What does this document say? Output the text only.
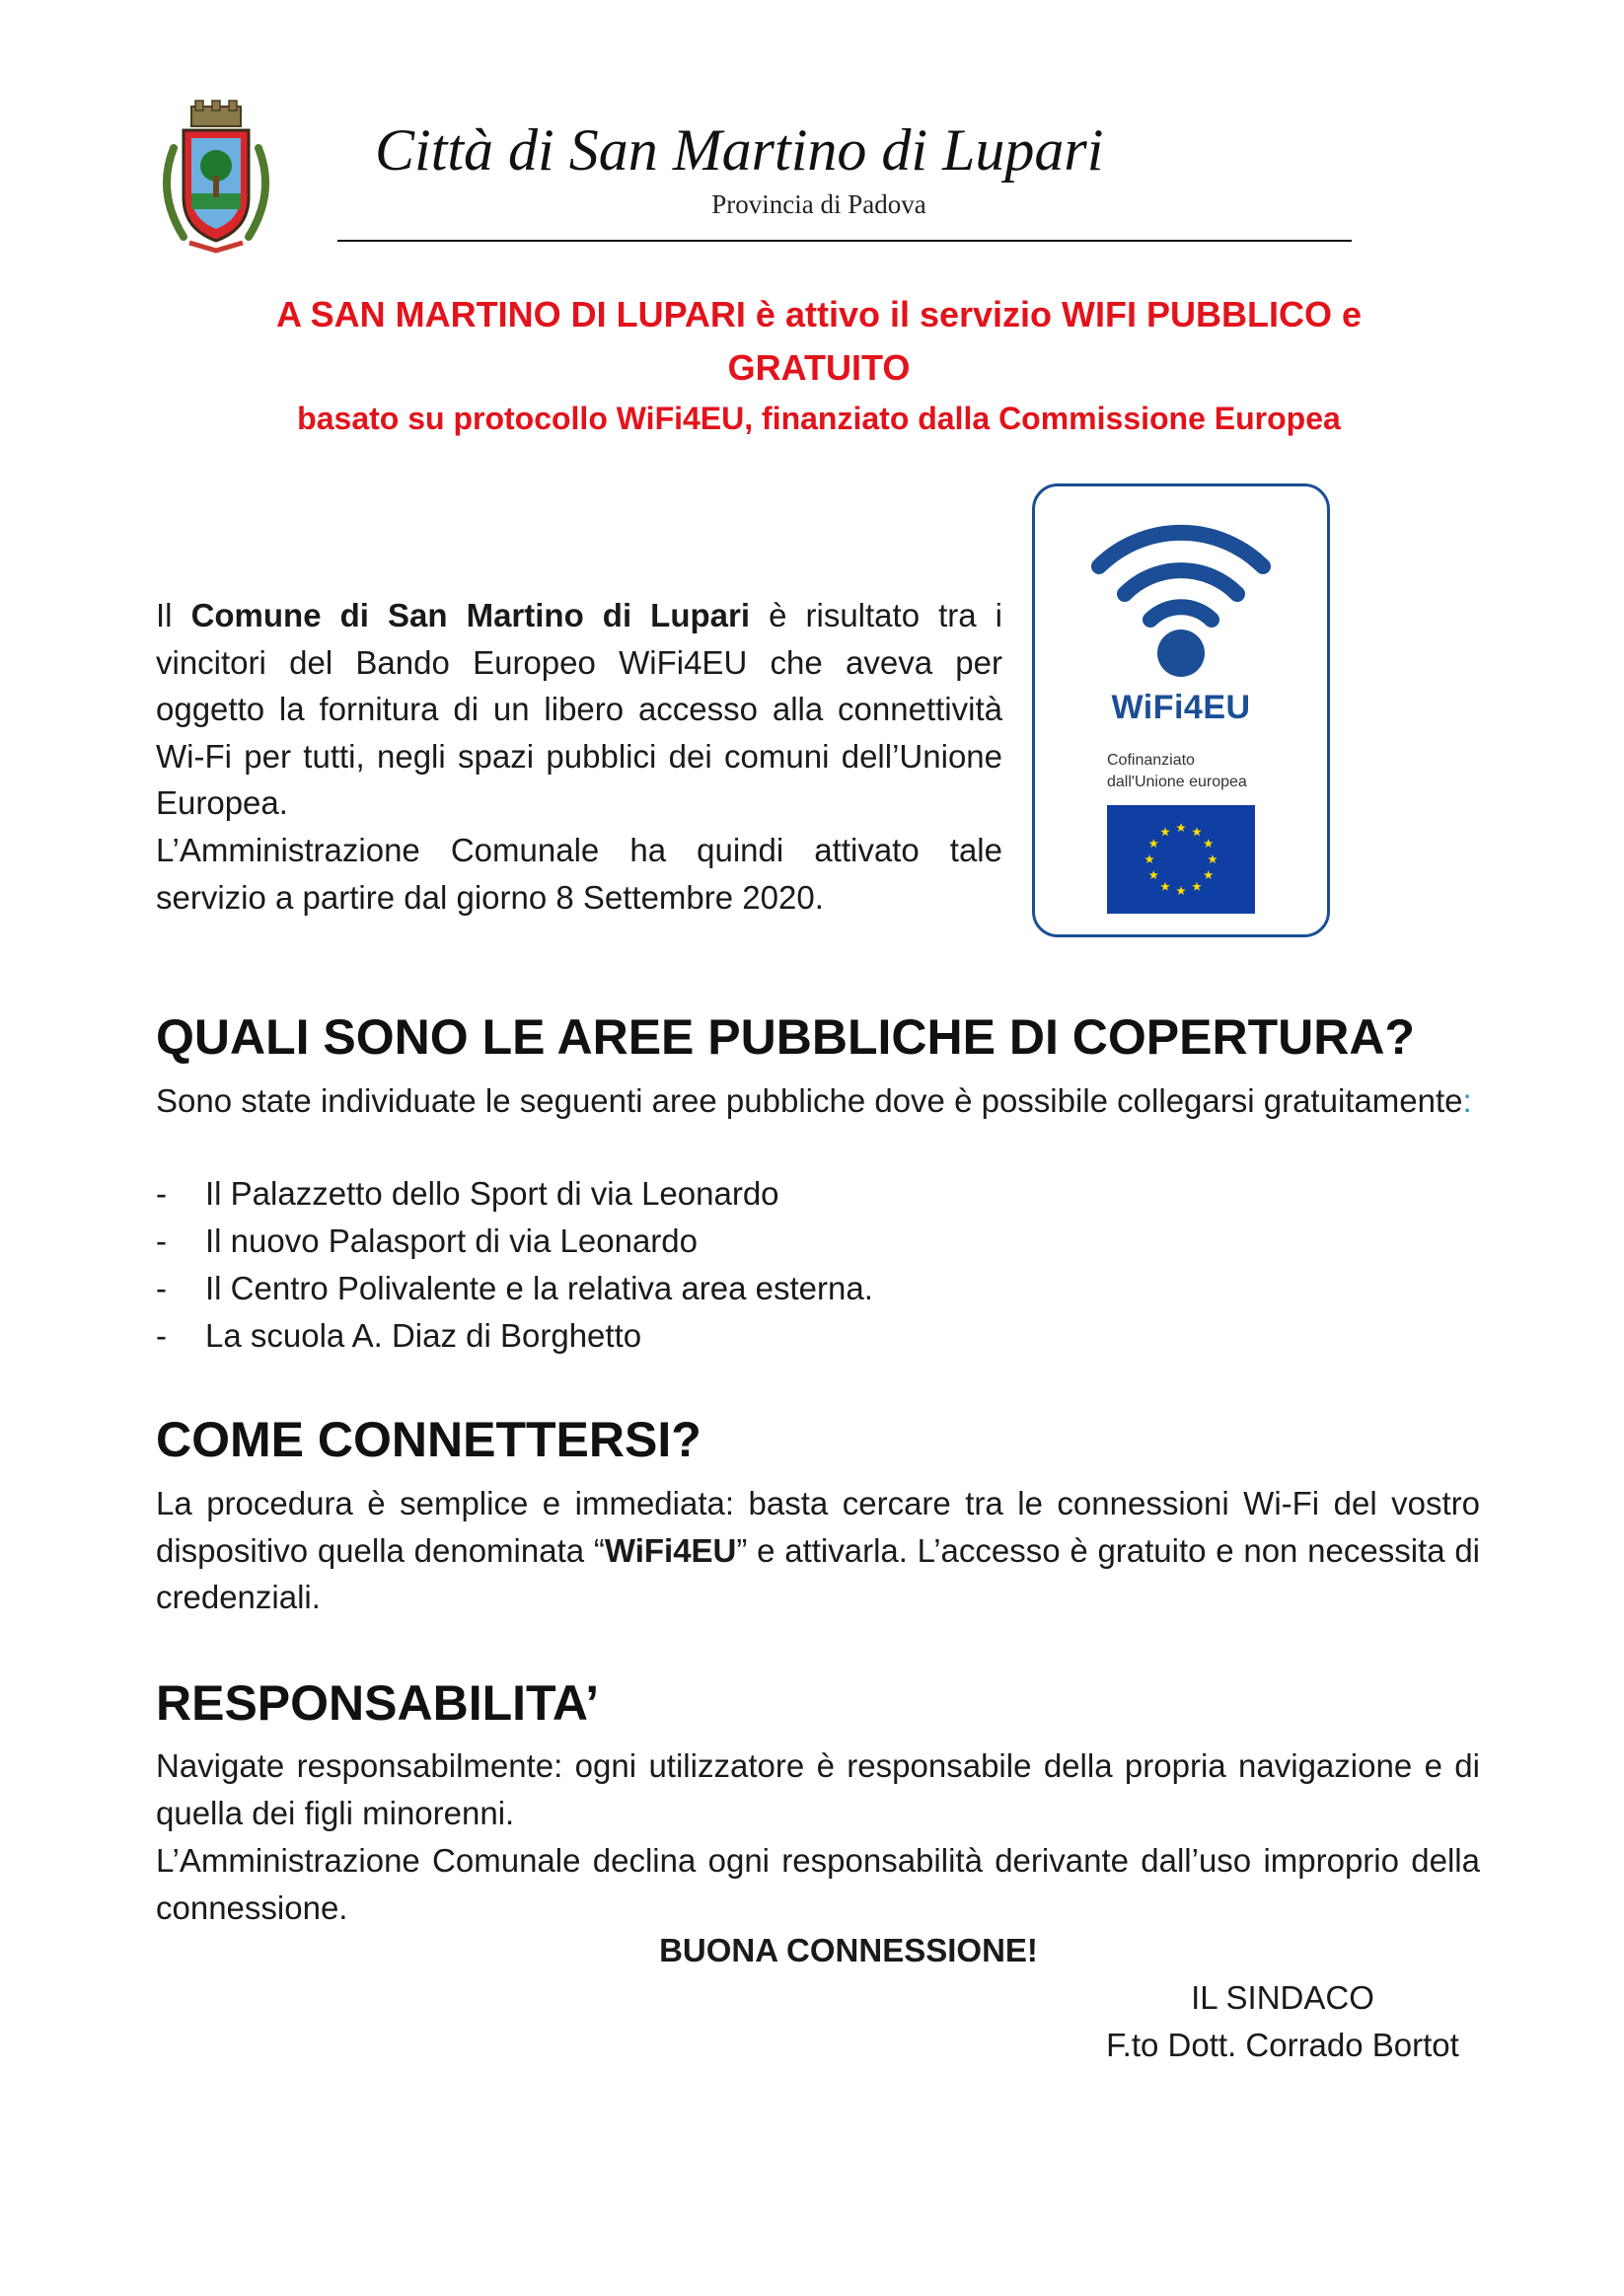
Città di San Martino di Lupari
Provincia di Padova
A SAN MARTINO DI LUPARI è attivo il servizio WIFI PUBBLICO e
GRATUITO
basato su protocollo WiFi4EU, finanziato dalla Commissione Europea
Il Comune di San Martino di Lupari è risultato tra i vincitori del Bando Europeo WiFi4EU che aveva per oggetto la fornitura di un libero accesso alla connettività Wi-Fi per tutti, negli spazi pubblici dei comuni dell’Unione Europea.
L’Amministrazione Comunale ha quindi attivato tale servizio a partire dal giorno 8 Settembre 2020.
WiFi4EU
Cofinanziato
dall'Unione europea
QUALI SONO LE AREE PUBBLICHE DI COPERTURA?
Sono state individuate le seguenti aree pubbliche dove è possibile collegarsi gratuitamente:
- Il Palazzetto dello Sport di via Leonardo
- Il nuovo Palasport di via Leonardo
- Il Centro Polivalente e la relativa area esterna.
- La scuola A. Diaz di Borghetto
COME CONNETTERSI?
La procedura è semplice e immediata: basta cercare tra le connessioni Wi-Fi del vostro dispositivo quella denominata “WiFi4EU” e attivarla. L’accesso è gratuito e non necessita di credenziali.
RESPONSABILITA’
Navigate responsabilmente: ogni utilizzatore è responsabile della propria navigazione e di quella dei figli minorenni.
L’Amministrazione Comunale declina ogni responsabilità derivante dall’uso improprio della connessione.
BUONA CONNESSIONE!
IL SINDACO
F.to Dott. Corrado Bortot
